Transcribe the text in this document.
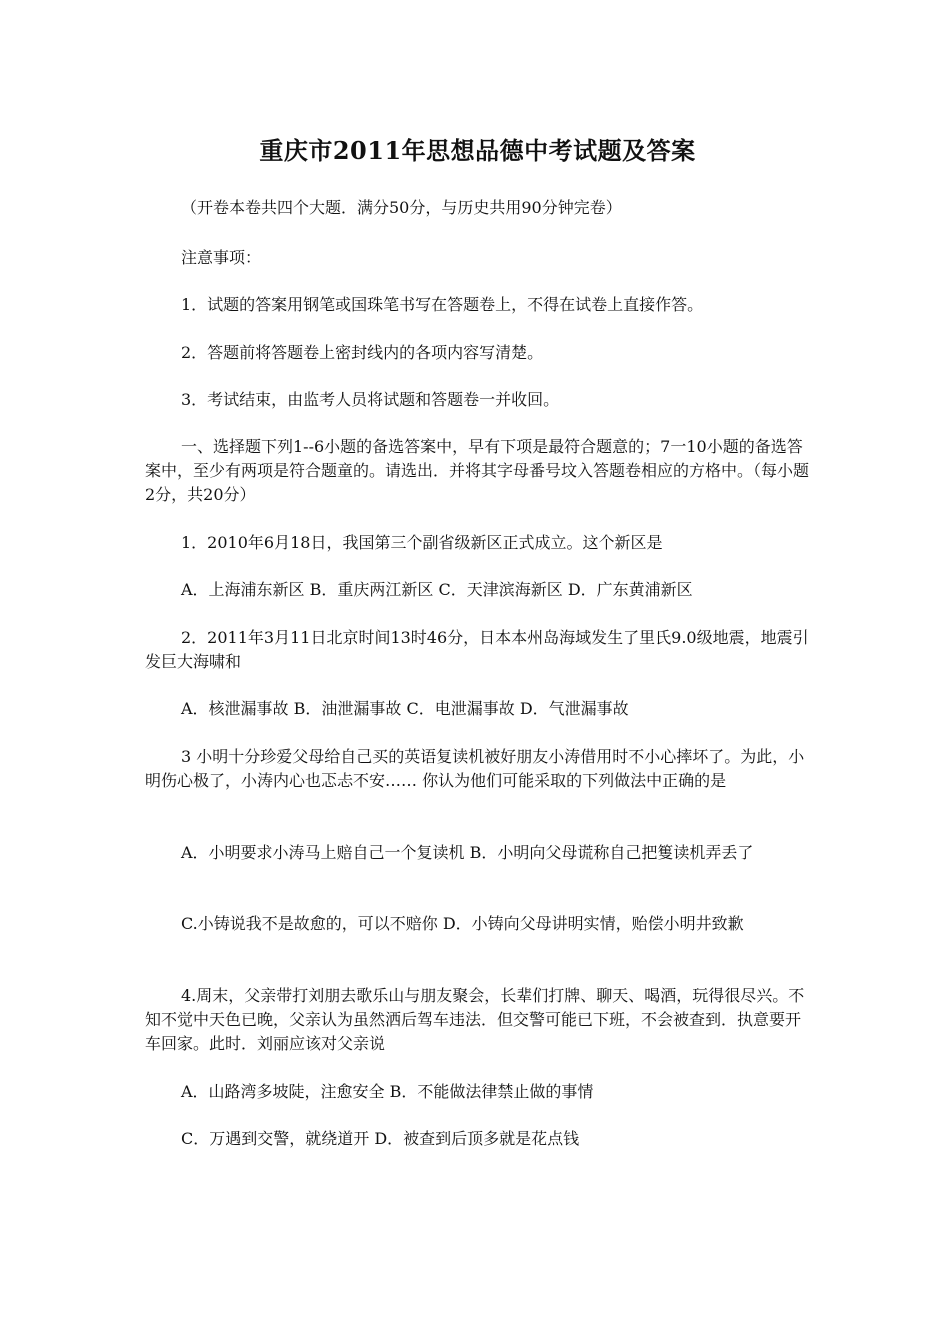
重庆市2011年思想品德中考试题及答案

（开卷本卷共四个大题．满分50分，与历史共用90分钟完卷）

注意事项：

1．试题的答案用钢笔或国珠笔书写在答题卷上，不得在试卷上直接作答。

2．答题前将答题卷上密封线内的各项内容写清楚。

3．考试结束，由监考人员将试题和答题卷一并收回。

一、选择题下列1--6小题的备选答案中，早有下项是最符合题意的；7一10小题的备选答案中，至少有两项是符合题童的。请选出．并将其字母番号坟入答题卷相应的方格中。（每小题2分，共20分）

1．2010年6月18日，我国第三个副省级新区正式成立。这个新区是

A．上海浦东新区 B．重庆两江新区 C．天津滨海新区 D．广东黄浦新区

2．2011年3月11日北京时间13时46分，日本本州岛海域发生了里氏9.0级地震，地震引发巨大海啸和

A．核泄漏事故 B．油泄漏事故 C．电泄漏事故 D．气泄漏事故

3 小明十分珍爱父母给自己买的英语复读机被好朋友小涛借用时不小心摔坏了。为此，小明伤心极了，小涛内心也忑忐不安…… 你认为他们可能采取的下列做法中正确的是

A．小明要求小涛马上赔自己一个复读机 B．小明向父母谎称自己把篗读机弄丢了

C.小铸说我不是故愈的，可以不赔你 D．小铸向父母讲明实情，贻偿小明井致歉

4.周末，父亲带打刘朋去歌乐山与朋友聚会，长辈们打牌、聊天、喝酒，玩得很尽兴。不知不觉中天色已晚，父亲认为虽然洒后驾车违法．但交警可能已下班，不会被查到．执意要开车回家。此时．刘丽应该对父亲说

A．山路湾多坡陡，注愈安全 B．不能做法律禁止做的事情

C．万遇到交警，就绕道开 D．被查到后顶多就是花点钱
